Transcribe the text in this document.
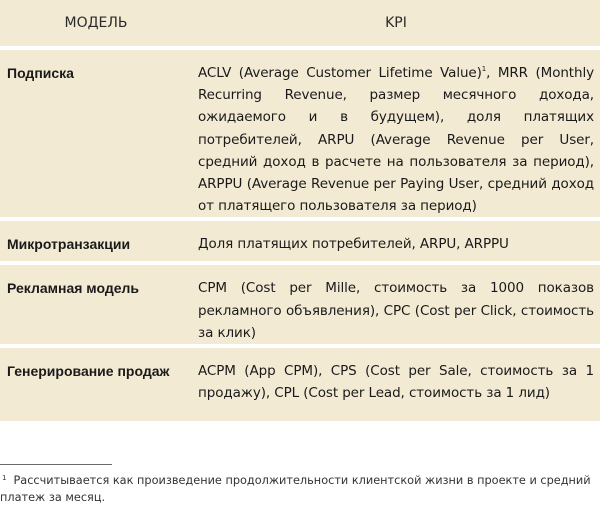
МОДЕЛЬ	KPI
Подписка	ACLV (Average Customer Lifetime Value)$^1$, MRR (Monthly Recurring Revenue, размер месячного дохода, ожидаемого и в будущем), доля платящих потребителей, ARPU (Average Revenue per User, средний доход в расчете на пользователя за период), ARPPU (Average Revenue per Paying User, средний доход от платящего пользователя за период)
Микротранзакции	Доля платящих потребителей, ARPU, ARPPU
Рекламная модель	CPM (Cost per Mille, стоимость за 1000 показов рекламного объявления), CPC (Cost per Click, стоимость за клик)
Генерирование продаж	ACPM (App CPM), CPS (Cost per Sale, стоимость за 1 продажу), CPL (Cost per Lead, стоимость за 1 лид)

$^1$ Рассчитывается как произведение продолжительности клиентской жизни в проекте и средний платеж за месяц.
